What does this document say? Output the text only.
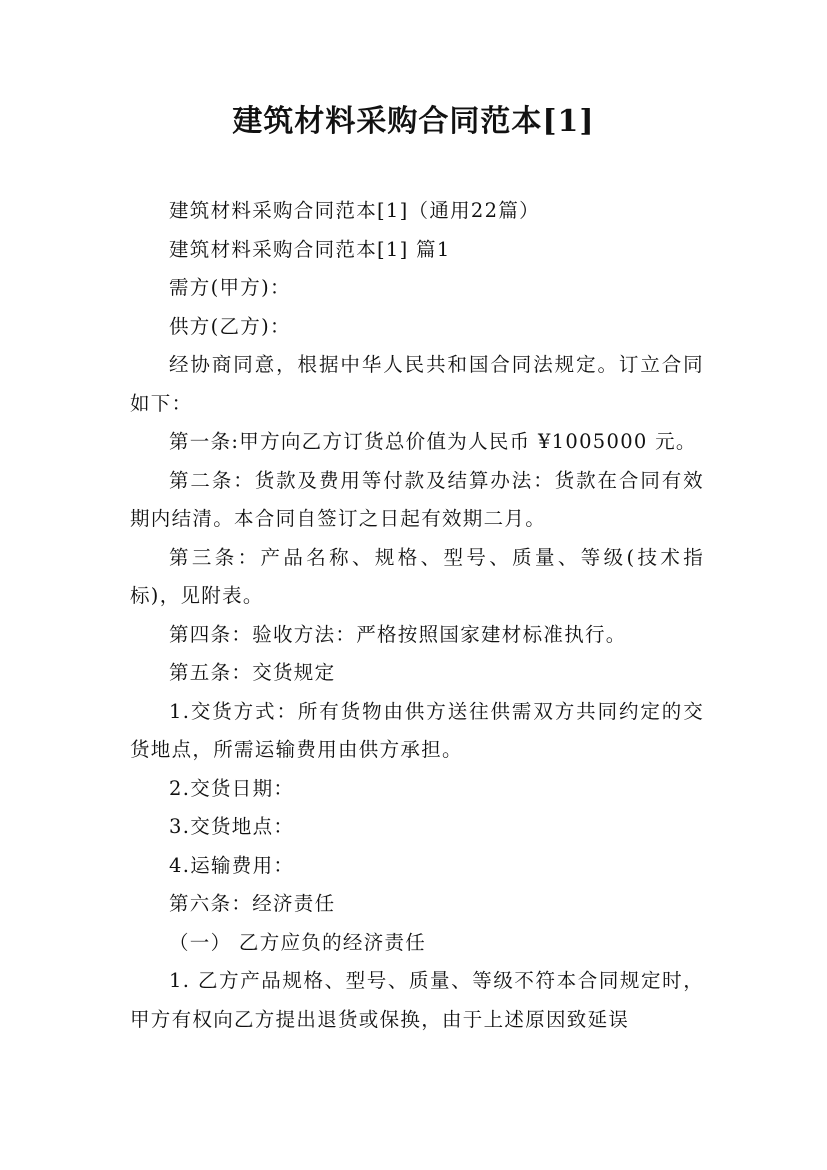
建筑材料采购合同范本[1]

建筑材料采购合同范本[1]（通用22篇）

建筑材料采购合同范本[1] 篇1

需方(甲方)：

供方(乙方)：

经协商同意，根据中华人民共和国合同法规定。订立合同如下：

第一条:甲方向乙方订货总价值为人民币 ¥1005000 元。

第二条：货款及费用等付款及结算办法：货款在合同有效期内结清。本合同自签订之日起有效期二月。

第三条：产品名称、规格、型号、质量、等级(技术指标)，见附表。

第四条：验收方法：严格按照国家建材标准执行。

第五条：交货规定

1.交货方式：所有货物由供方送往供需双方共同约定的交货地点，所需运输费用由供方承担。

2.交货日期：

3.交货地点：

4.运输费用：

第六条：经济责任

（一） 乙方应负的经济责任

1. 乙方产品规格、型号、质量、等级不符本合同规定时，甲方有权向乙方提出退货或保换，由于上述原因致延误
